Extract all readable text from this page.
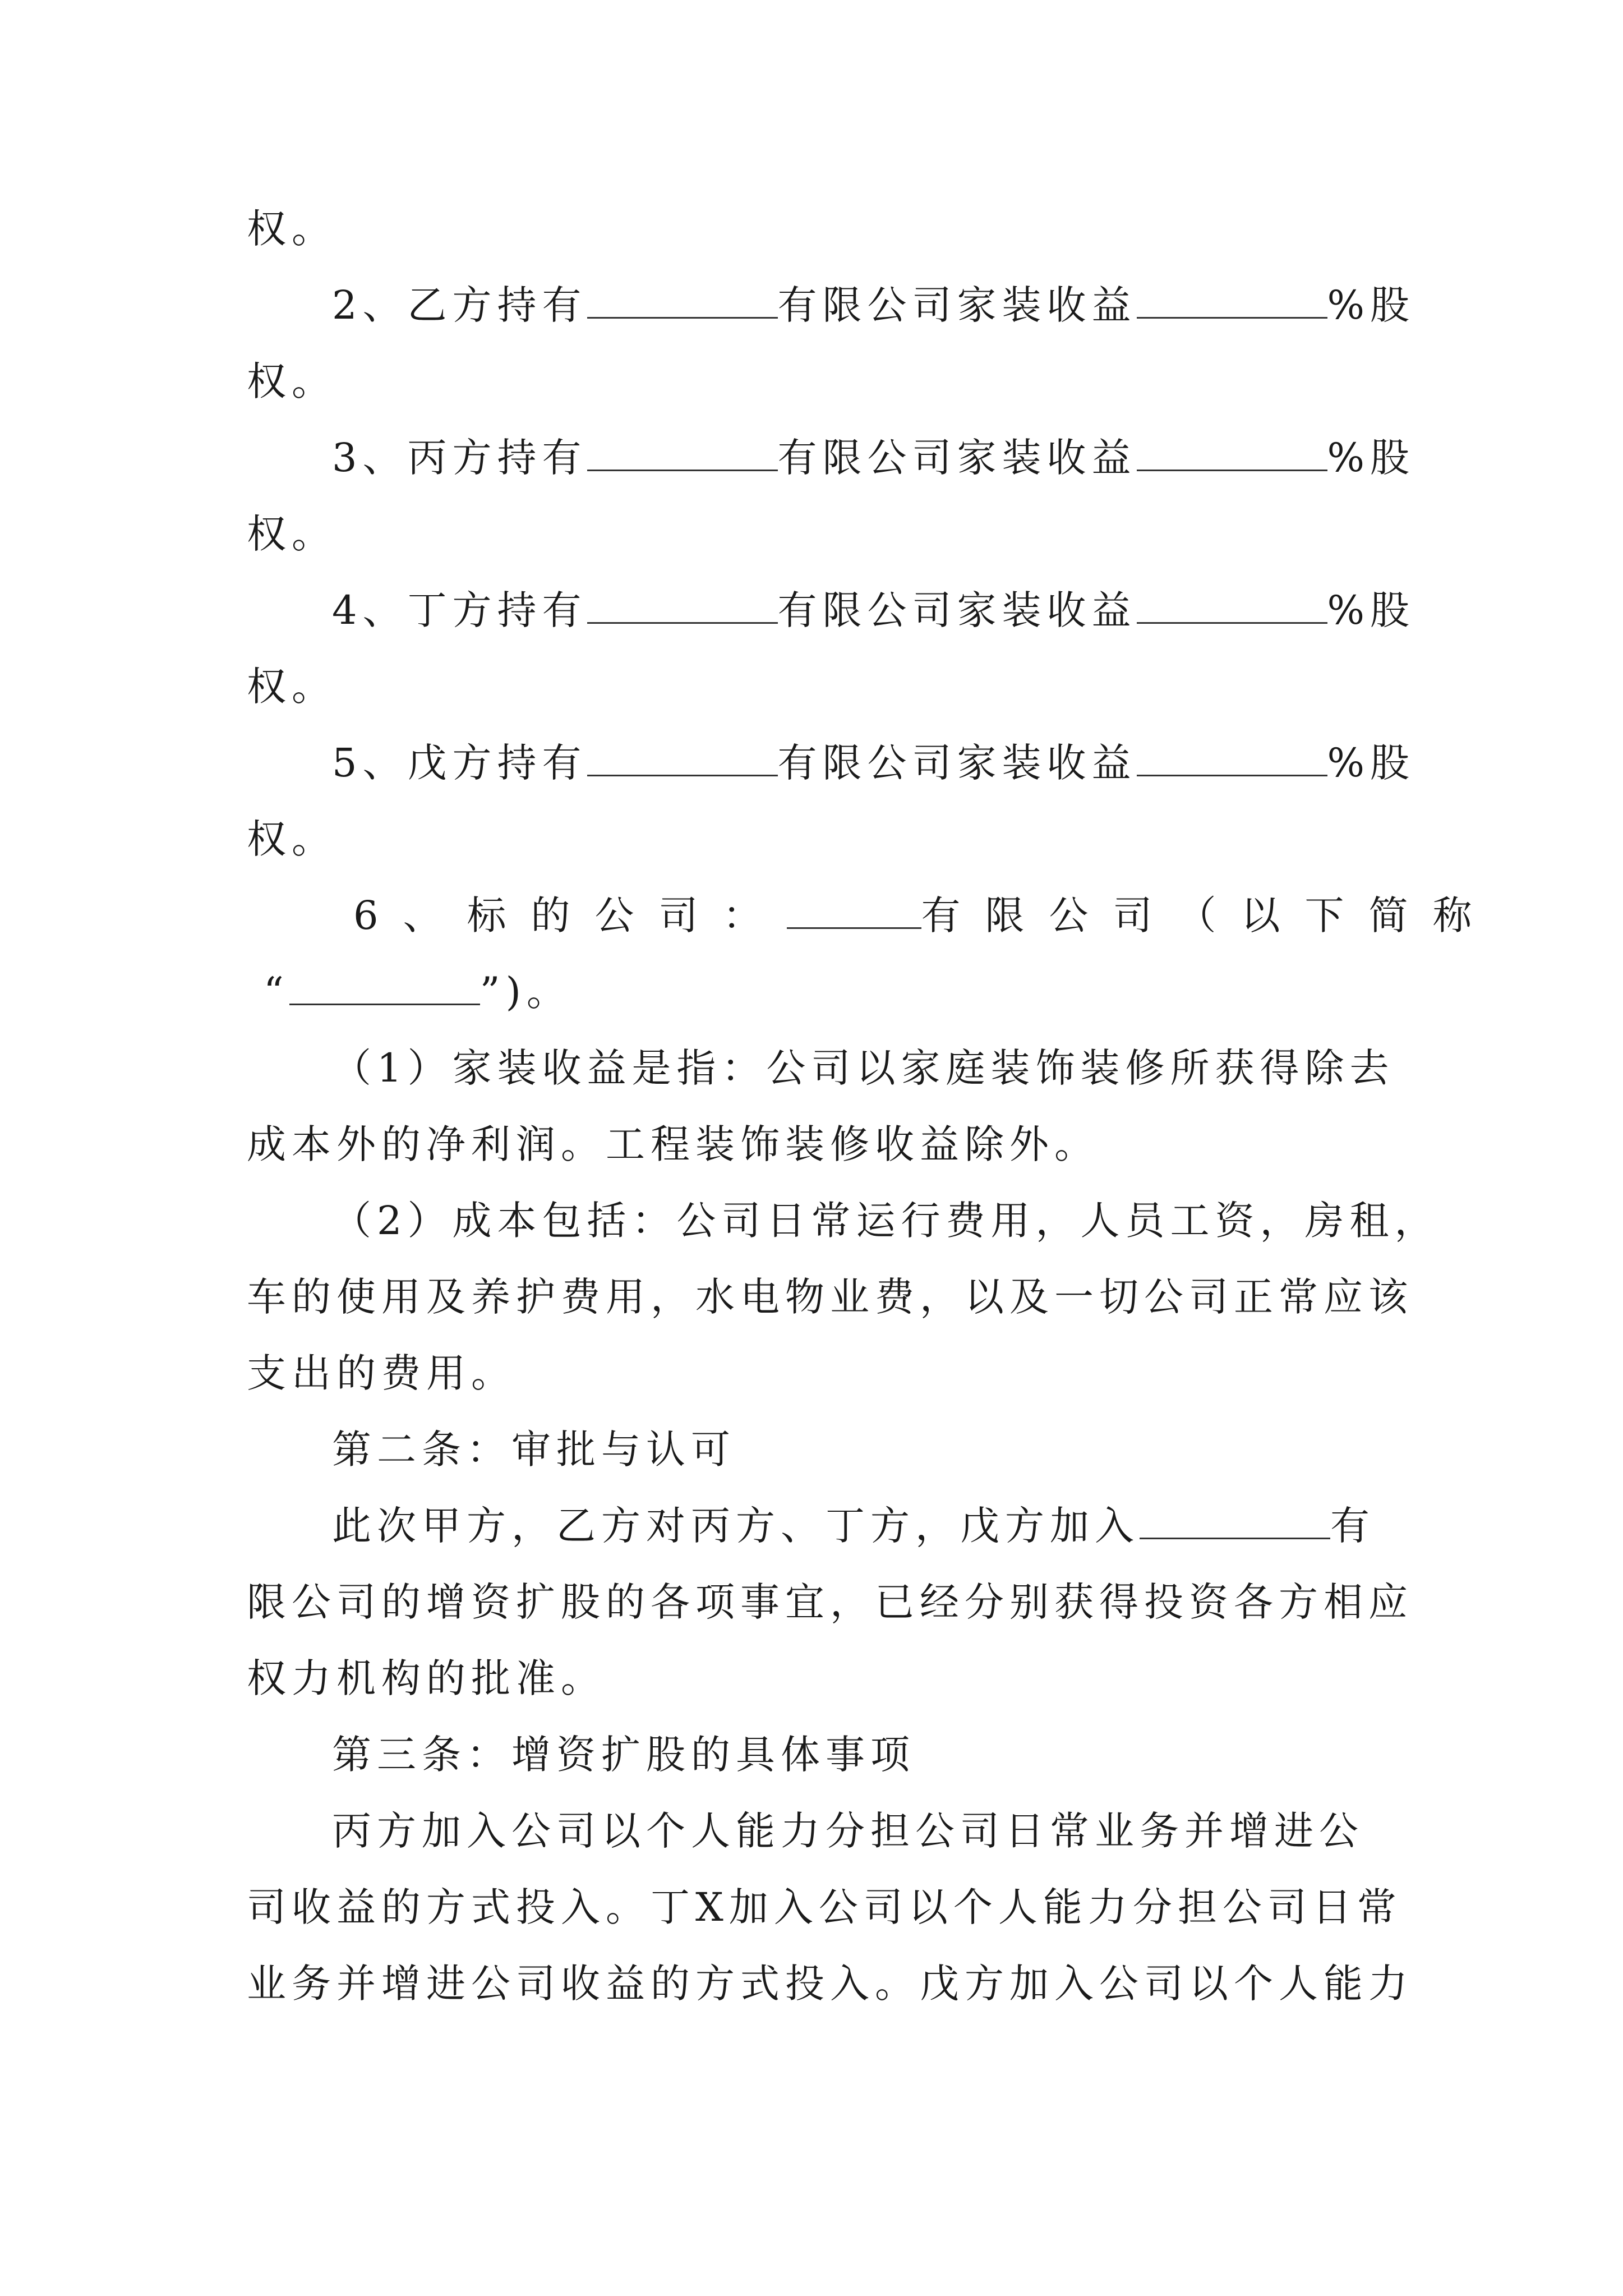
权。
2、乙方持有	有限公司家装收益	%股
权。
3、丙方持有	有限公司家装收益	%股
权。
4、丁方持有	有限公司家装收益	%股
权。
5、戊方持有	有限公司家装收益	%股
权。
6、标的公司：	有限公司（以下简称
“	”)。
（1）家装收益是指：公司以家庭装饰装修所获得除去
成本外的净利润。工程装饰装修收益除外。
（2）成本包括：公司日常运行费用，人员工资，房租，
车的使用及养护费用，水电物业费，以及一切公司正常应该
支出的费用。
第二条：审批与认可
此次甲方，乙方对丙方、丁方，戊方加入	有
限公司的增资扩股的各项事宜，已经分别获得投资各方相应
权力机构的批准。
第三条：增资扩股的具体事项
丙方加入公司以个人能力分担公司日常业务并增进公
司收益的方式投入。丁X加入公司以个人能力分担公司日常
业务并增进公司收益的方式投入。戊方加入公司以个人能力
